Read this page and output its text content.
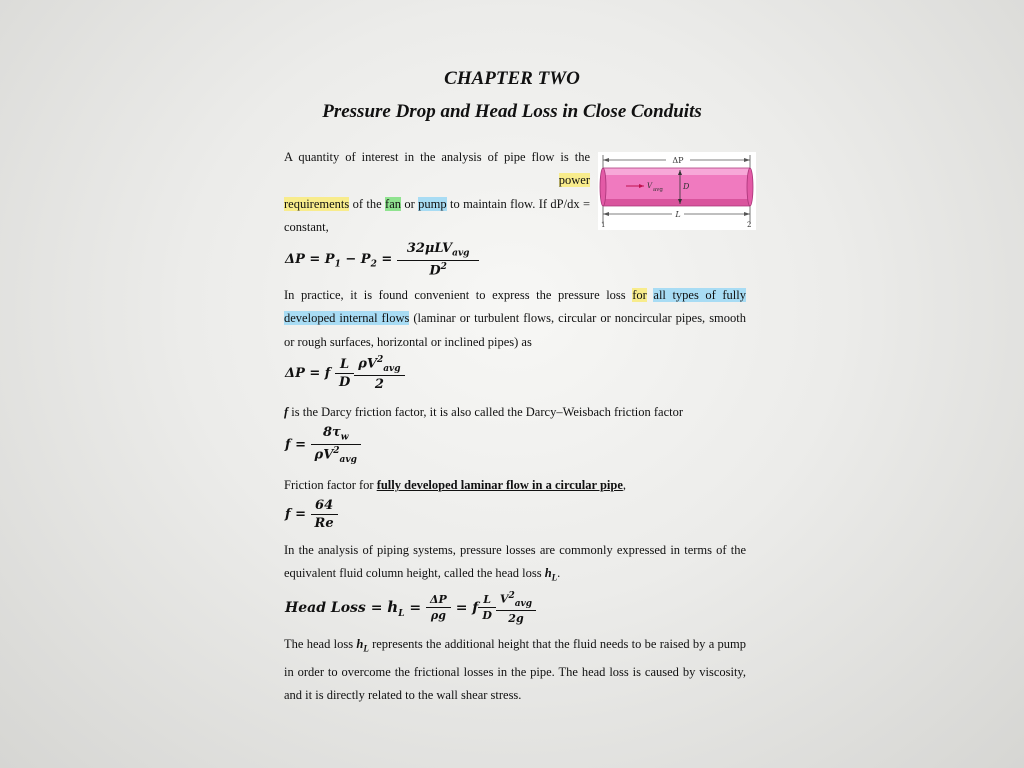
CHAPTER TWO
Pressure Drop and Head Loss in Close Conduits

A quantity of interest in the analysis of pipe flow is the power

requirements of the fan or pump to maintain flow. If dP/dx = constant,

ΔP
V avg	D
L
1	2
$\Delta P = P_1 - P_2 = \frac{32\mu LV_{avg}}{D^2}$

In practice, it is found convenient to express the pressure loss for all types of fully developed internal flows (laminar or turbulent flows, circular or noncircular pipes, smooth or rough surfaces, horizontal or inclined pipes) as

ΔP = f $\frac{L}{D} \frac{\rho V^2_{avg}}{2}$

f is the Darcy friction factor, it is also called the Darcy–Weisbach friction factor

$f = \frac{8\tau_w}{\rho V^2_{avg}}$

Friction factor for fully developed laminar flow in a circular pipe,

$f = \frac{64}{Re}$

In the analysis of piping systems, pressure losses are commonly expressed in terms of the equivalent fluid column height, called the head loss $h_L$.

Head Loss = $h_L = \frac{\Delta P}{\rho g} = f \frac{L}{D} \frac{V^2_{avg}}{2g}$

The head loss $h_L$ represents the additional height that the fluid needs to be raised by a pump in order to overcome the frictional losses in the pipe. The head loss is caused by viscosity, and it is directly related to the wall shear stress.
